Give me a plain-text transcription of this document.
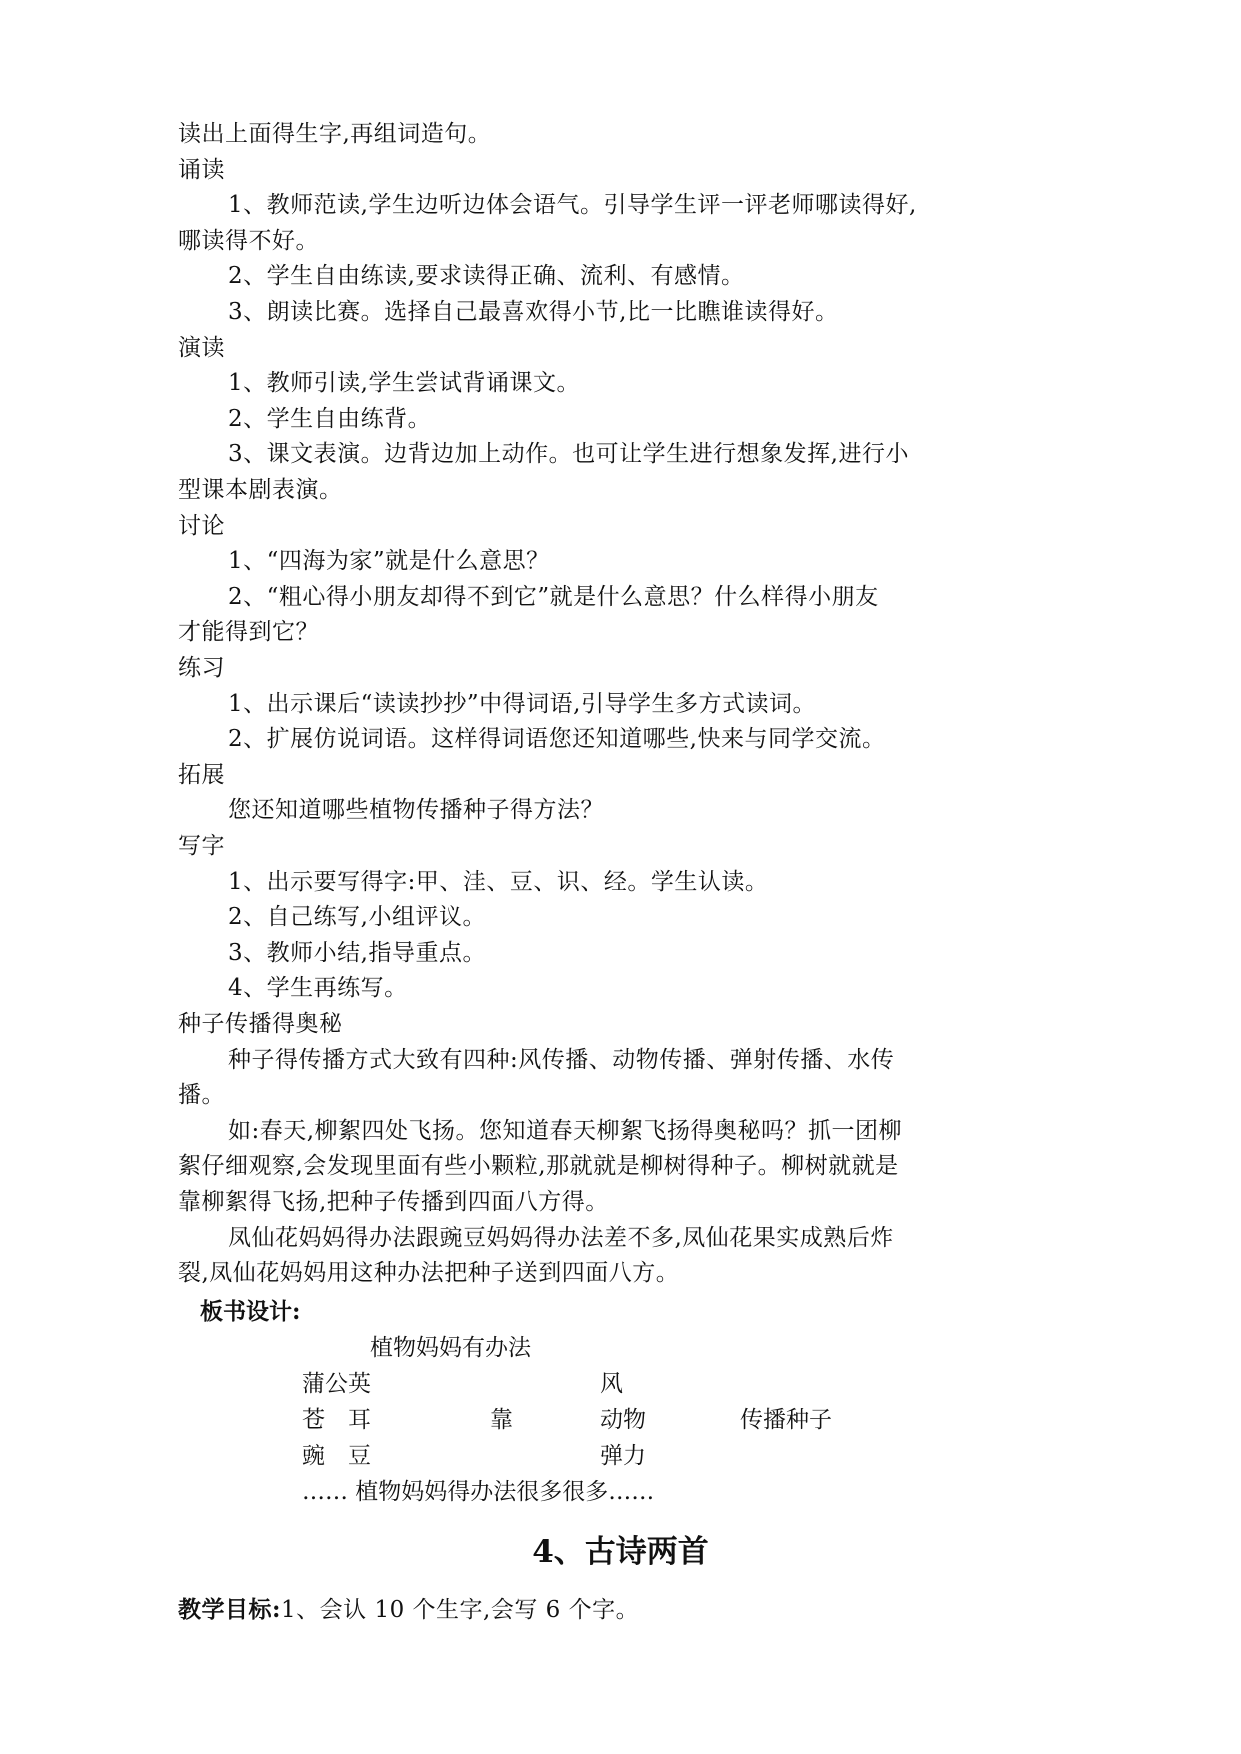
读出上面得生字,再组词造句。
诵读
1、教师范读,学生边听边体会语气。引导学生评一评老师哪读得好,
哪读得不好。
2、学生自由练读,要求读得正确、流利、有感情。
3、朗读比赛。选择自己最喜欢得小节,比一比瞧谁读得好。
演读
1、教师引读,学生尝试背诵课文。
2、学生自由练背。
3、课文表演。边背边加上动作。也可让学生进行想象发挥,进行小
型课本剧表演。
讨论
1、“四海为家”就是什么意思？
2、“粗心得小朋友却得不到它”就是什么意思？什么样得小朋友
才能得到它？
练习
1、出示课后“读读抄抄”中得词语,引导学生多方式读词。
2、扩展仿说词语。这样得词语您还知道哪些,快来与同学交流。
拓展
您还知道哪些植物传播种子得方法？
写字
1、出示要写得字:甲、洼、豆、识、经。学生认读。
2、自己练写,小组评议。
3、教师小结,指导重点。
4、学生再练写。
种子传播得奥秘
种子得传播方式大致有四种:风传播、动物传播、弹射传播、水传
播。
如:春天,柳絮四处飞扬。您知道春天柳絮飞扬得奥秘吗？抓一团柳
絮仔细观察,会发现里面有些小颗粒,那就就是柳树得种子。柳树就就是
靠柳絮得飞扬,把种子传播到四面八方得。
凤仙花妈妈得办法跟豌豆妈妈得办法差不多,凤仙花果实成熟后炸
裂,凤仙花妈妈用这种办法把种子送到四面八方。
板书设计:
植物妈妈有办法
蒲公英	风
苍　耳	靠	动物	传播种子
豌　豆	弹力
…… 植物妈妈得办法很多很多……
4、古诗两首
教学目标:1、会认 10 个生字,会写 6 个字。
